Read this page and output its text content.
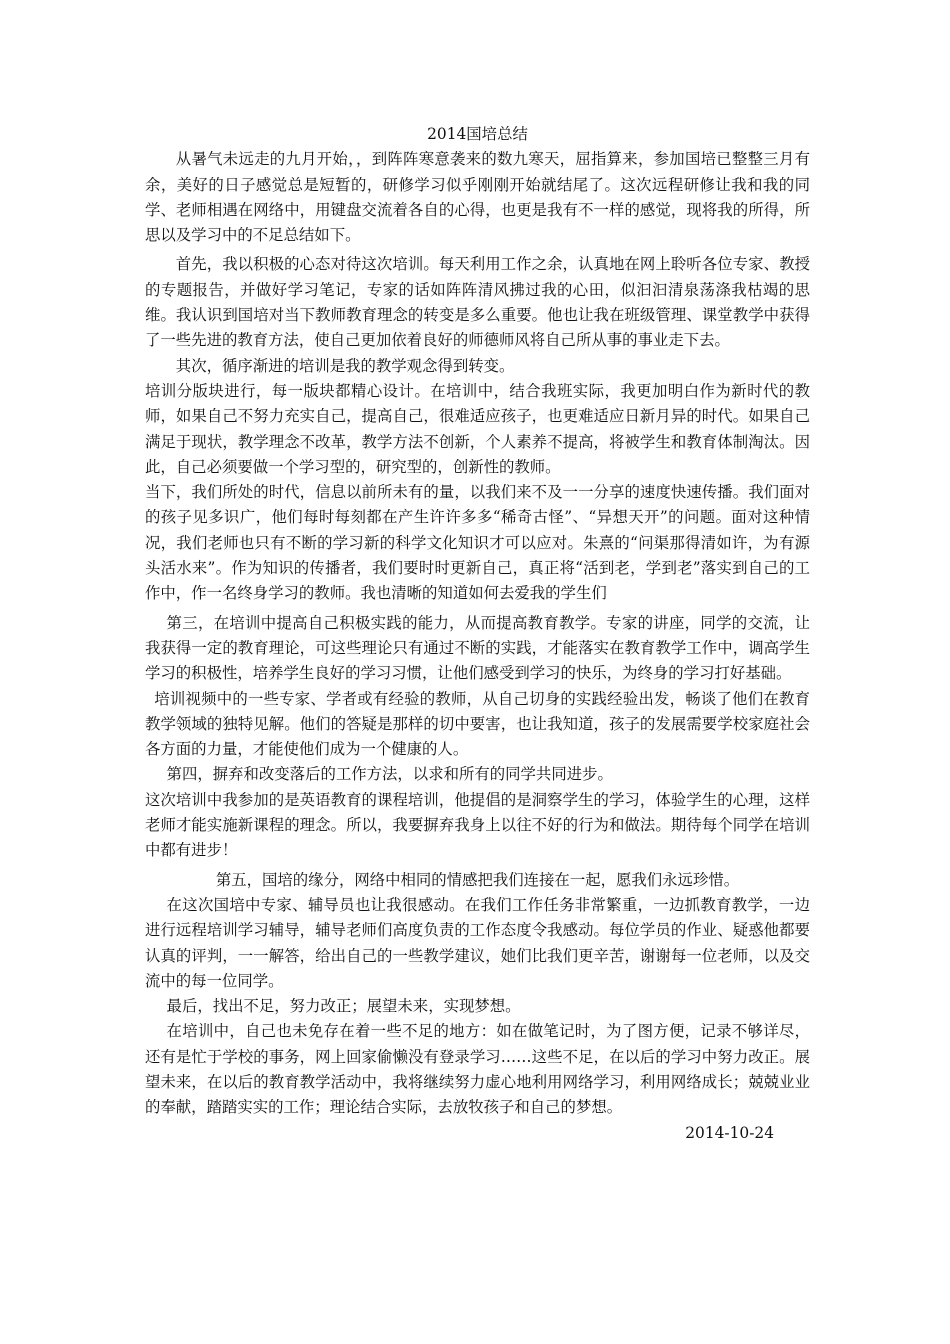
2014国培总结

从暑气未远走的九月开始，，到阵阵寒意袭来的数九寒天，屈指算来，参加国培已整整三月有余，美好的日子感觉总是短暂的，研修学习似乎刚刚开始就结尾了。这次远程研修让我和我的同学、老师相遇在网络中，用键盘交流着各自的心得，也更是我有不一样的感觉，现将我的所得，所思以及学习中的不足总结如下。

首先，我以积极的心态对待这次培训。每天利用工作之余，认真地在网上聆听各位专家、教授的专题报告，并做好学习笔记，专家的话如阵阵清风拂过我的心田，似汩汩清泉荡涤我枯竭的思维。我认识到国培对当下教师教育理念的转变是多么重要。他也让我在班级管理、课堂教学中获得了一些先进的教育方法，使自己更加依着良好的师德师风将自己所从事的事业走下去。

其次，循序渐进的培训是我的教学观念得到转变。

培训分版块进行，每一版块都精心设计。在培训中，结合我班实际，我更加明白作为新时代的教师，如果自己不努力充实自己，提高自己，很难适应孩子，也更难适应日新月异的时代。如果自己满足于现状，教学理念不改革，教学方法不创新，个人素养不提高，将被学生和教育体制淘汰。因此，自己必须要做一个学习型的，研究型的，创新性的教师。

当下，我们所处的时代，信息以前所未有的量，以我们来不及一一分享的速度快速传播。我们面对的孩子见多识广，他们每时每刻都在产生许许多多“稀奇古怪”、“异想天开”的问题。面对这种情况，我们老师也只有不断的学习新的科学文化知识才可以应对。朱熹的“问渠那得清如许，为有源头活水来”。作为知识的传播者，我们要时时更新自己，真正将“活到老，学到老”落实到自己的工作中，作一名终身学习的教师。我也清晰的知道如何去爱我的学生们

第三，在培训中提高自己积极实践的能力，从而提高教育教学。专家的讲座，同学的交流，让我获得一定的教育理论，可这些理论只有通过不断的实践，才能落实在教育教学工作中，调高学生学习的积极性，培养学生良好的学习习惯，让他们感受到学习的快乐，为终身的学习打好基础。

培训视频中的一些专家、学者或有经验的教师，从自己切身的实践经验出发，畅谈了他们在教育教学领域的独特见解。他们的答疑是那样的切中要害，也让我知道，孩子的发展需要学校家庭社会各方面的力量，才能使他们成为一个健康的人。

第四，摒弃和改变落后的工作方法，以求和所有的同学共同进步。

这次培训中我参加的是英语教育的课程培训，他提倡的是洞察学生的学习，体验学生的心理，这样老师才能实施新课程的理念。所以，我要摒弃我身上以往不好的行为和做法。期待每个同学在培训中都有进步！

第五，国培的缘分，网络中相同的情感把我们连接在一起，愿我们永远珍惜。

在这次国培中专家、辅导员也让我很感动。在我们工作任务非常繁重，一边抓教育教学，一边进行远程培训学习辅导，辅导老师们高度负责的工作态度令我感动。每位学员的作业、疑惑他都要认真的评判，一一解答，给出自己的一些教学建议，她们比我们更辛苦，谢谢每一位老师，以及交流中的每一位同学。

最后，找出不足，努力改正；展望未来，实现梦想。

在培训中，自己也未免存在着一些不足的地方：如在做笔记时，为了图方便，记录不够详尽，还有是忙于学校的事务，网上回家偷懒没有登录学习……这些不足，在以后的学习中努力改正。展望未来，在以后的教育教学活动中，我将继续努力虚心地利用网络学习，利用网络成长；兢兢业业的奉献，踏踏实实的工作；理论结合实际，去放牧孩子和自己的梦想。

2014-10-24
